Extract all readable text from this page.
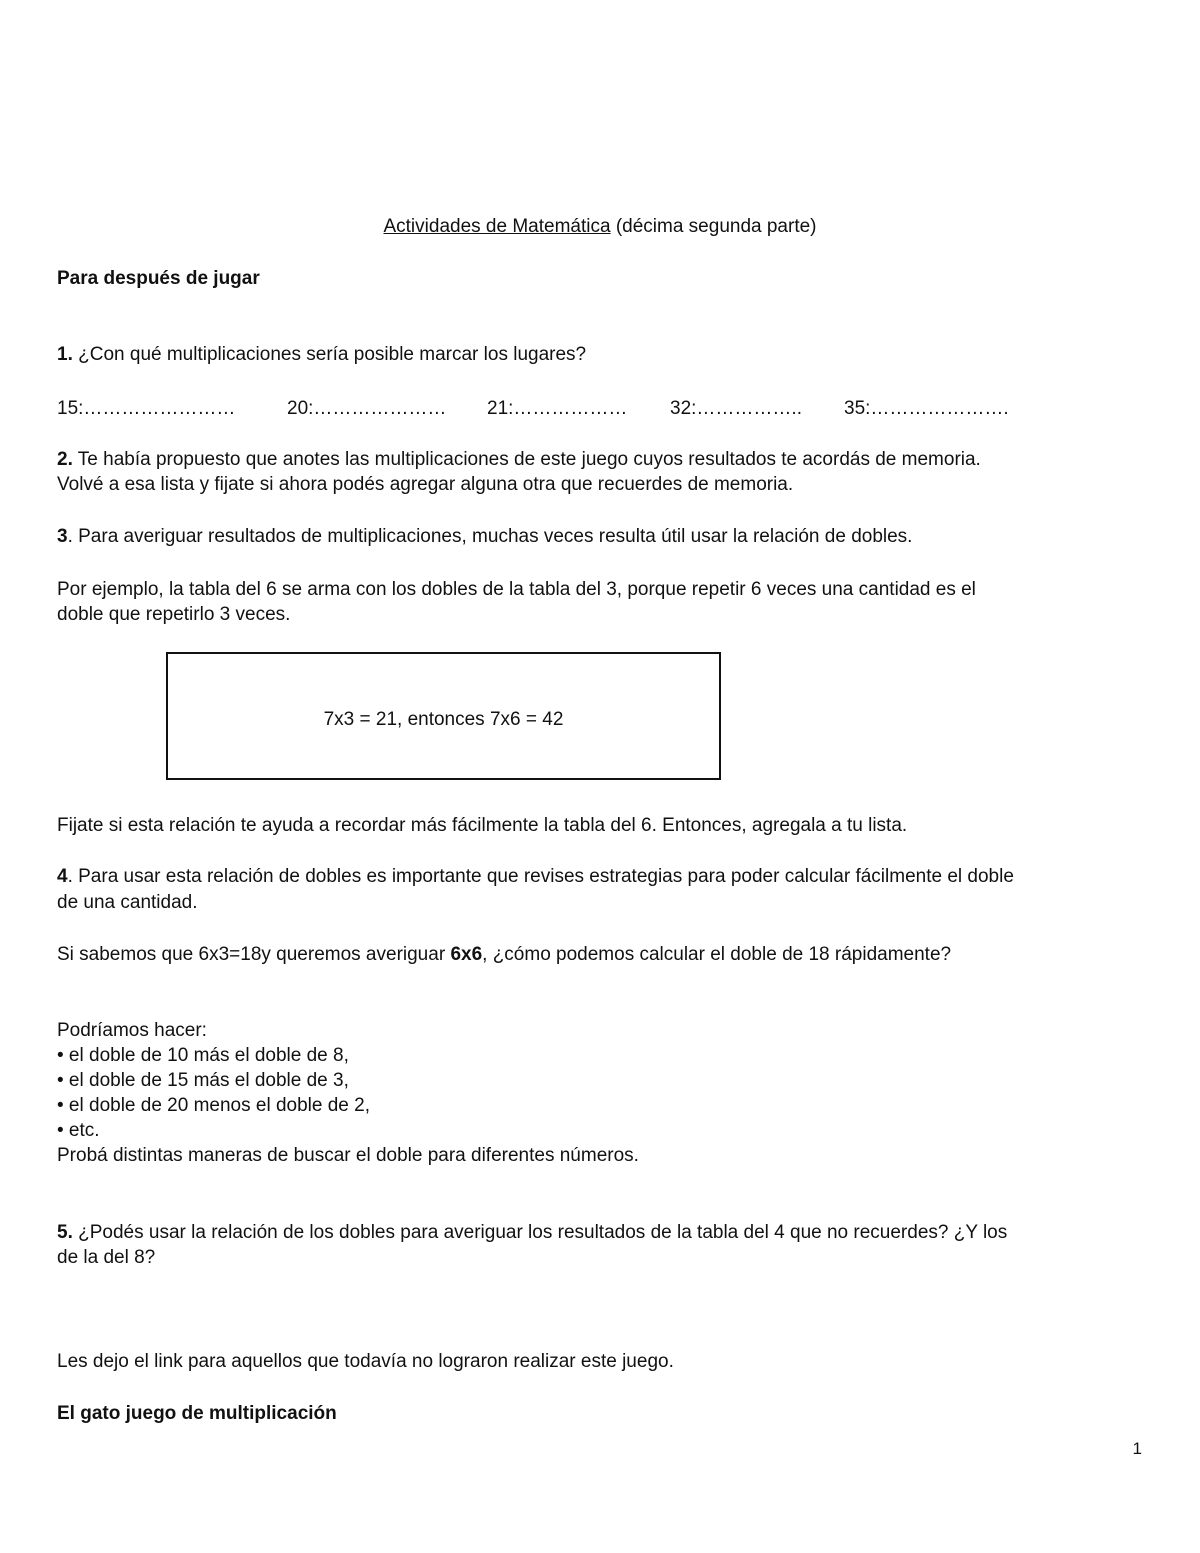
Actividades de Matemática (décima segunda parte)
Para después de jugar
1. ¿Con qué multiplicaciones sería posible marcar los lugares?
15:……………………	20:………………… 21:……………… 32:…………….. 35:………………….
2. Te había propuesto que anotes las multiplicaciones de este juego cuyos resultados te acordás de memoria.
Volvé a esa lista y fijate si ahora podés agregar alguna otra que recuerdes de memoria.
3. Para averiguar resultados de multiplicaciones, muchas veces resulta útil usar la relación de dobles.
Por ejemplo, la tabla del 6 se arma con los dobles de la tabla del 3, porque repetir 6 veces una cantidad es el
doble que repetirlo 3 veces.
7x3 = 21, entonces 7x6 = 42
Fijate si esta relación te ayuda a recordar más fácilmente la tabla del 6. Entonces, agregala a tu lista.
4. Para usar esta relación de dobles es importante que revises estrategias para poder calcular fácilmente el doble
de una cantidad.
Si sabemos que 6x3=18y queremos averiguar 6x6, ¿cómo podemos calcular el doble de 18 rápidamente?
Podríamos hacer:
• el doble de 10 más el doble de 8,
• el doble de 15 más el doble de 3,
• el doble de 20 menos el doble de 2,
• etc.
Probá distintas maneras de buscar el doble para diferentes números.
5. ¿Podés usar la relación de los dobles para averiguar los resultados de la tabla del 4 que no recuerdes? ¿Y los
de la del 8?
Les dejo el link para aquellos que todavía no lograron realizar este juego.
El gato juego de multiplicación
1
